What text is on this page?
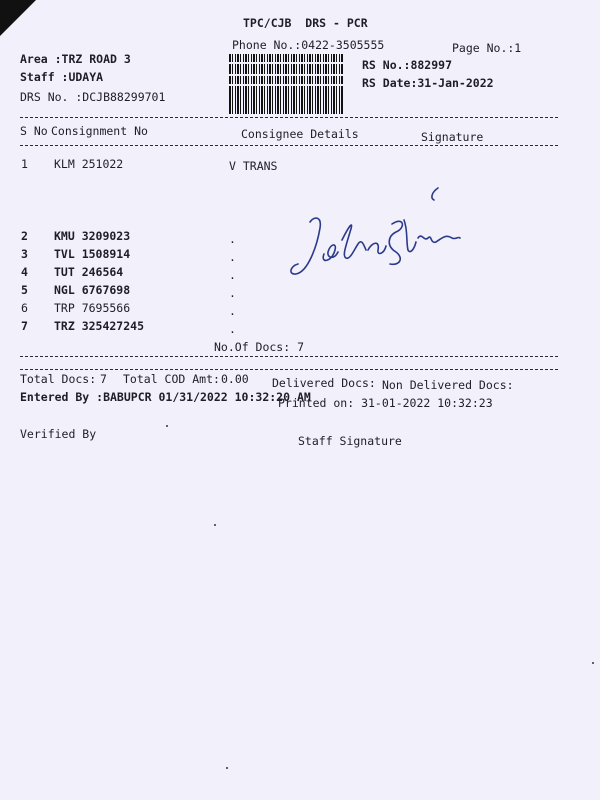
TPC/CJB  DRS - PCR
Phone No.:0422-3505555	Page No.:1
Area :TRZ ROAD 3
Staff :UDAYA
DRS No. :DCJB88299701
RS No.:882997
RS Date:31-Jan-2022
S No Consignment No	Consignee Details	Signature
1 KLM 251022	V TRANS
2 KMU 3209023	.
3 TVL 1508914	.
4 TUT 246564	.
5 NGL 6767698	.
6 TRP 7695566	.
7 TRZ 325427245	.
No.Of Docs: 7
Total Docs: 7 Total COD Amt: 0.00 Delivered Docs: Non Delivered Docs:
Entered By :BABUPCR 01/31/2022 10:32:20 AM
Printed on: 31-01-2022 10:32:23
Verified By	Staff Signature
